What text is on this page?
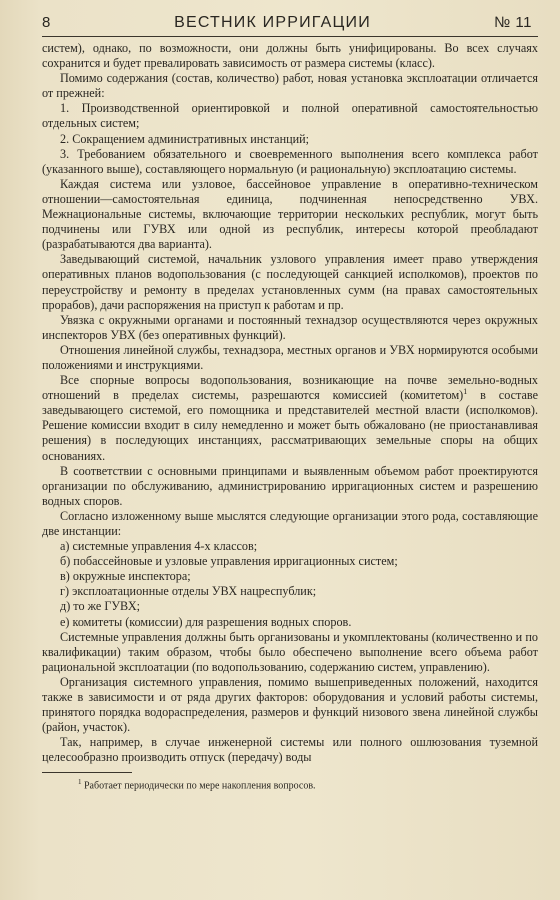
8	ВЕСТНИК ИРРИГАЦИИ	№ 11

систем), однако, по возможности, они должны быть унифицированы. Во всех случаях сохранится и будет превалировать зависимость от размера системы (класс).

Помимо содержания (состав, количество) работ, новая установка эксплоатации отличается от прежней:

1. Производственной ориентировкой и полной оперативной самостоятельностью отдельных систем;

2. Сокращением административных инстанций;

3. Требованием обязательного и своевременного выполнения всего комплекса работ (указанного выше), составляющего нормальную (и рациональную) эксплоатацию системы.

Каждая система или узловое, бассейновое управление в оперативно-техническом отношении—самостоятельная единица, подчиненная непосредственно УВХ. Межнациональные системы, включающие территории нескольких республик, могут быть подчинены или ГУВХ или одной из республик, интересы которой преобладают (разрабатываются два варианта).

Заведывающий системой, начальник узлового управления имеет право утверждения оперативных планов водопользования (с последующей санкцией исполкомов), проектов по переустройству и ремонту в пределах установленных сумм (на правах самостоятельных прорабов), дачи распоряжения на приступ к работам и пр.

Увязка с окружными органами и постоянный технадзор осуществляются через окружных инспекторов УВХ (без оперативных функций).

Отношения линейной службы, технадзора, местных органов и УВХ нормируются особыми положениями и инструкциями.

Все спорные вопросы водопользования, возникающие на почве земельно-водных отношений в пределах системы, разрешаются комиссией (комитетом)$^1$ в составе заведывающего системой, его помощника и представителей местной власти (исполкомов). Решение комиссии входит в силу немедленно и может быть обжаловано (не приостанавливая решения) в последующих инстанциях, рассматривающих земельные споры на общих основаниях.

В соответствии с основными принципами и выявленным объемом работ проектируются организации по обслуживанию, администрированию ирригационных систем и разрешению водных споров.

Согласно изложенному выше мыслятся следующие организации этого рода, составляющие две инстанции:

а) системные управления 4-х классов;

б) побассейновые и узловые управления ирригационных систем;

в) окружные инспектора;

г) эксплоатационные отделы УВХ нацреспублик;

д) то же ГУВХ;

е) комитеты (комиссии) для разрешения водных споров.

Системные управления должны быть организованы и укомплектованы (количественно и по квалификации) таким образом, чтобы было обеспечено выполнение всего объема работ рациональной эксплоатации (по водопользованию, содержанию систем, управлению).

Организация системного управления, помимо вышеприведенных положений, находится также в зависимости и от ряда других факторов: оборудования и условий работы системы, принятого порядка водораспределения, размеров и функций низового звена линейной службы (район, участок).

Так, например, в случае инженерной системы или полного ошлюзования туземной целесообразно производить отпуск (передачу) воды

$^1$ Работает периодически по мере накопления вопросов.
